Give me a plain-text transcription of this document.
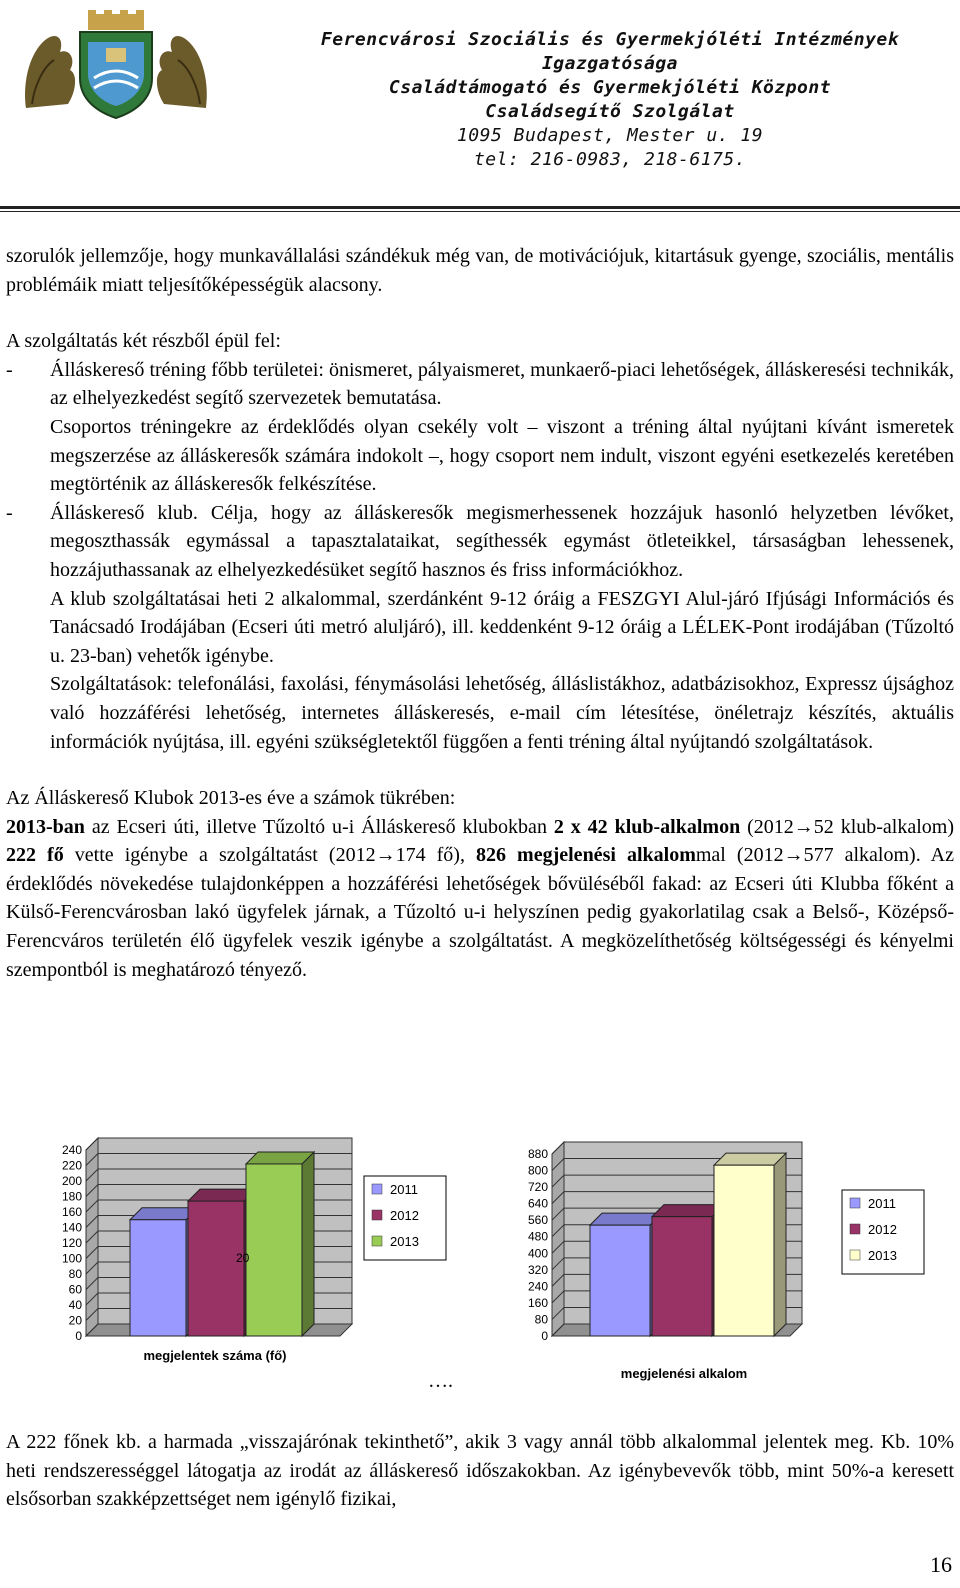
Ferencvárosi Szociális és Gyermekjóléti Intézmények
Igazgatósága
Családtámogató és Gyermekjóléti Központ
Családsegítő Szolgálat
1095 Budapest, Mester u. 19
tel: 216-0983, 218-6175.

szorulók jellemzője, hogy munkavállalási szándékuk még van, de motivációjuk, kitartásuk gyenge, szociális, mentális problémáik miatt teljesítőképességük alacsony.

A szolgáltatás két részből épül fel:

- Álláskereső tréning főbb területei: önismeret, pályaismeret, munkaerő-piaci lehetőségek, álláskeresési technikák, az elhelyezkedést segítő szervezetek bemutatása.

Csoportos tréningekre az érdeklődés olyan csekély volt – viszont a tréning által nyújtani kívánt ismeretek megszerzése az álláskeresők számára indokolt –, hogy csoport nem indult, viszont egyéni esetkezelés keretében megtörténik az álláskeresők felkészítése.

- Álláskereső klub. Célja, hogy az álláskeresők megismerhessenek hozzájuk hasonló helyzetben lévőket, megoszthassák egymással a tapasztalataikat, segíthessék egymást ötleteikkel, társaságban lehessenek, hozzájuthassanak az elhelyezkedésüket segítő hasznos és friss információkhoz.

A klub szolgáltatásai heti 2 alkalommal, szerdánként 9-12 óráig a FESZGYI Alul-járó Ifjúsági Információs és Tanácsadó Irodájában (Ecseri úti metró aluljáró), ill. keddenként 9-12 óráig a LÉLEK-Pont irodájában (Tűzoltó u. 23-ban) vehetők igénybe.

Szolgáltatások: telefonálási, faxolási, fénymásolási lehetőség, álláslistákhoz, adatbázisokhoz, Expressz újsághoz való hozzáférési lehetőség, internetes álláskeresés, e-mail cím létesítése, önéletrajz készítés, aktuális információk nyújtása, ill. egyéni szükségletektől függően a fenti tréning által nyújtandó szolgáltatások.

Az Álláskereső Klubok 2013-es éve a számok tükrében:

2013-ban az Ecseri úti, illetve Tűzoltó u-i Álláskereső klubokban 2 x 42 klub-alkalmon (2012→52 klub-alkalom) 222 fő vette igénybe a szolgáltatást (2012→174 fő), 826 megjelenési alkalommal (2012→577 alkalom). Az érdeklődés növekedése tulajdonképpen a hozzáférési lehetőségek bővüléséből fakad: az Ecseri úti Klubba főként a Külső-Ferencvárosban lakó ügyfelek járnak, a Tűzoltó u-i helyszínen pedig gyakorlatilag csak a Belső-, Középső-Ferencváros területén élő ügyfelek veszik igénybe a szolgáltatást. A megközelíthetőség költségességi és kényelmi szempontból is meghatározó tényező.

0
20
40
60
80
100
120
140
160
180
200
220
240
20
megjelentek száma (fő)
2011
2012
2013
0
80
160
240
320
400
480
560
640
720
800
880
megjelenési alkalom
2011
2012
2013
….

A 222 főnek kb. a harmada „visszajárónak tekinthető”, akik 3 vagy annál több alkalommal jelentek meg. Kb. 10% heti rendszerességgel látogatja az irodát az álláskereső időszakokban. Az igénybevevők több, mint 50%-a keresett elsősorban szakképzettséget nem igénylő fizikai,

16
